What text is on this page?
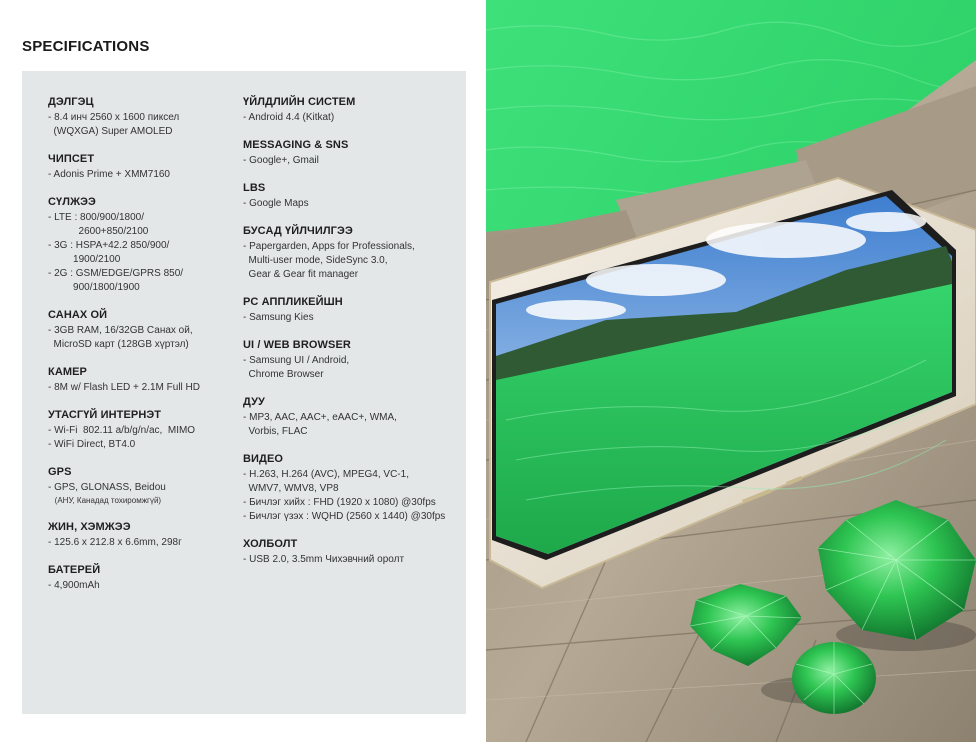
SPECIFICATIONS
ДЭЛГЭЦ
- 8.4 инч 2560 x 1600 пиксел
(WQXGA) Super AMOLED
ЧИПСЕТ
- Adonis Prime + XMM7160
СҮЛЖЭЭ
- LTE : 800/900/1800/
2600+850/2100
- 3G : HSPA+42.2 850/900/
1900/2100
- 2G : GSM/EDGE/GPRS 850/
900/1800/1900
САНАХ ОЙ
- 3GB RAM, 16/32GB Санах ой,
MicroSD карт (128GB хүртэл)
КАМЕР
- 8M w/ Flash LED + 2.1M Full HD
УТАСГҮЙ ИНТЕРНЭТ
- Wi-Fi  802.11 a/b/g/n/ac,  MIMO
- WiFi Direct, BT4.0
GPS
- GPS, GLONASS, Beidou
(АНУ, Канадад тохиромжгүй)
ЖИН, ХЭМЖЭЭ
- 125.6 x 212.8 x 6.6mm, 298г
БАТЕРЕЙ
- 4,900mAh
ҮЙЛДЛИЙН СИСТЕМ
- Android 4.4 (Kitkat)
MESSAGING & SNS
- Google+, Gmail
LBS
- Google Maps
БУСАД ҮЙЛЧИЛГЭЭ
- Papergarden, Apps for Professionals,
Multi-user mode, SideSync 3.0,
Gear & Gear fit manager
PC АППЛИКЕЙШН
- Samsung Kies
UI / WEB BROWSER
- Samsung UI / Android,
Chrome Browser
ДУУ
- MP3, AAC, AAC+, eAAC+, WMA,
Vorbis, FLAC
ВИДЕО
- H.263, H.264 (AVC), MPEG4, VC-1,
WMV7, WMV8, VP8
- Бичлэг хийх : FHD (1920 x 1080) @30fps
- Бичлэг үзэх : WQHD (2560 x 1440) @30fps
ХОЛБОЛТ
- USB 2.0, 3.5mm Чихэвчний оролт
